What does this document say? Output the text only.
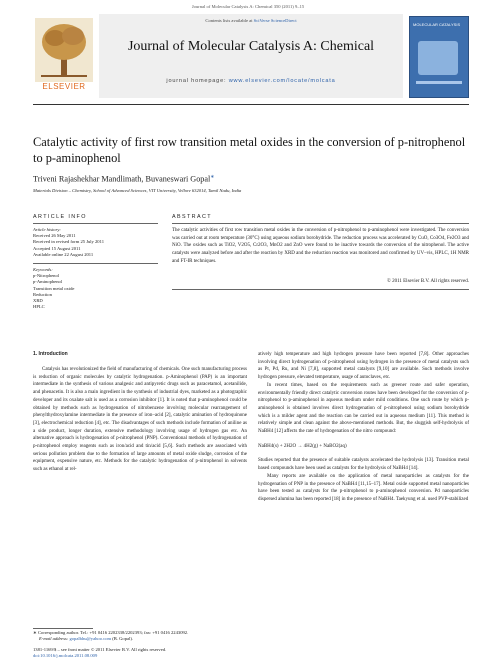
Journal of Molecular Catalysis A: Chemical 350 (2011) 9–15
ELSEVIER
Contents lists available at SciVerse ScienceDirect
Journal of Molecular Catalysis A: Chemical
journal homepage: www.elsevier.com/locate/molcata
MOLECULAR CATALYSIS
Catalytic activity of first row transition metal oxides in the conversion of p-nitrophenol to p-aminophenol
Triveni Rajashekhar Mandlimath, Buvaneswari Gopal∗
Materials Division – Chemistry, School of Advanced Sciences, VIT University, Vellore 632014, Tamil Nadu, India
ARTICLE INFO
Article history:
Received 26 May 2011
Received in revised form 25 July 2011
Accepted 15 August 2011
Available online 22 August 2011
Keywords:
p-Nitrophenol
p-Aminophenol
Transition metal oxide
Reduction
XRD
HPLC
ABSTRACT
The catalytic activities of first row transition metal oxides in the conversion of p-nitrophenol to p-aminophenol were investigated. The conversion was carried out at room temperature (30°C) using aqueous sodium borohydride. The reduction process was accelerated by CuO, Co3O4, Fe2O3 and NiO. The oxides such as TiO2, V2O5, Cr2O3, MnO2 and ZnO were found to be inactive towards the conversion of the nitrophenol. The active catalysts were analyzed before and after the reaction by XRD and the reduction reaction was monitored and confirmed by UV–vis, HPLC, 1H NMR and FT-IR techniques.
© 2011 Elsevier B.V. All rights reserved.
1. Introduction

Catalysis has revolutionized the field of manufacturing of chemicals. One such manufacturing process is reduction of organic molecules by catalytic hydrogenation. p-Aminophenol (PAP) is an important intermediate in the synthesis of various analgesic and antipyretic drugs such as paracetamol, acetanilide, and phenacetin. It is also a main ingredient in the synthesis of industrial dyes, marketed as a photographic developer and its oxalate salt is used as a corrosion inhibitor [1]. It is noted that p-aminophenol could be obtained by methods such as hydrogenation of nitrobenzene involving molecular rearrangement of phenylthydroxylamine intermediate in the presence of iron–acid [2], catalytic amination of hydroquinone [3], electrochemical reduction [4], etc. The disadvantages of such methods include formation of aniline as a side product, longer duration, extensive methodology involving usage of hydrogen gas etc. An alternative approach is hydrogenation of p-nitrophenol (PNP). Conventional methods of hydrogenation of p-nitrophenol employ reagents such as iron/acid and tin/acid [5,6]. Such methods are associated with serious pollution problem due to the formation of large amounts of metal oxide sludge, corrosion of the equipment, expensive nature, etc. Methods for the catalytic hydrogenation of p-nitrophenol in solvents such as ethanol at rel-

atively high temperature and high hydrogen pressure have been reported [7,8]. Other approaches involving direct hydrogenation of p-nitrophenol using hydrogen in the presence of metal catalysts such as Pt, Pd, Ru, and Ni [7,8], supported metal catalysts [9,10] are available. Such methods involve hydrogen pressure, elevated temperature, usage of autoclaves, etc.

In recent times, based on the requirements such as greener route and safer operation, environmentally friendly direct catalytic conversion routes have been developed for the conversion of p-nitrophenol to p-aminophenol in aqueous medium under mild conditions. One such route by which p-aminophenol is obtained involves direct hydrogenation of p-nitrophenol using sodium borohydride which is a milder agent and the reaction can be carried out in aqueous medium [11]. This method is relatively simple and clean against the above-mentioned methods. But, the sluggish self-hydrolysis of NaBH4 [12] affects the rate of hydrogenation of the nitro compound:

NaBH4(s) + 2H2O → 4H2(g) + NaBO2(aq)

Studies reported that the presence of suitable catalysts accelerated the hydrolysis [13]. Transition metal based compounds have been used as catalysts for the hydrolysis of NaBH4 [14].

Many reports are available on the application of metal nanoparticles as catalysts for the hydrogenation of PNP in the presence of NaBH4 [11,15–17]. Metal oxide supported metal nanoparticles have been tested as catalysts for the p-nitrophenol to p-aminophenol conversion. Pd nanoparticles dispersed alumina has been reported [18] in the presence of NaBH4. Taekyung et al. used PVP-stabilized

∗ Corresponding author. Tel.: +91 0416 2202338/2202393; fax: +91 0416 2243092.
E-mail address: gopalbhu@yahoo.com (B. Gopal).
1381-1169/$ – see front matter © 2011 Elsevier B.V. All rights reserved.
doi:10.1016/j.molcata.2011.08.009
